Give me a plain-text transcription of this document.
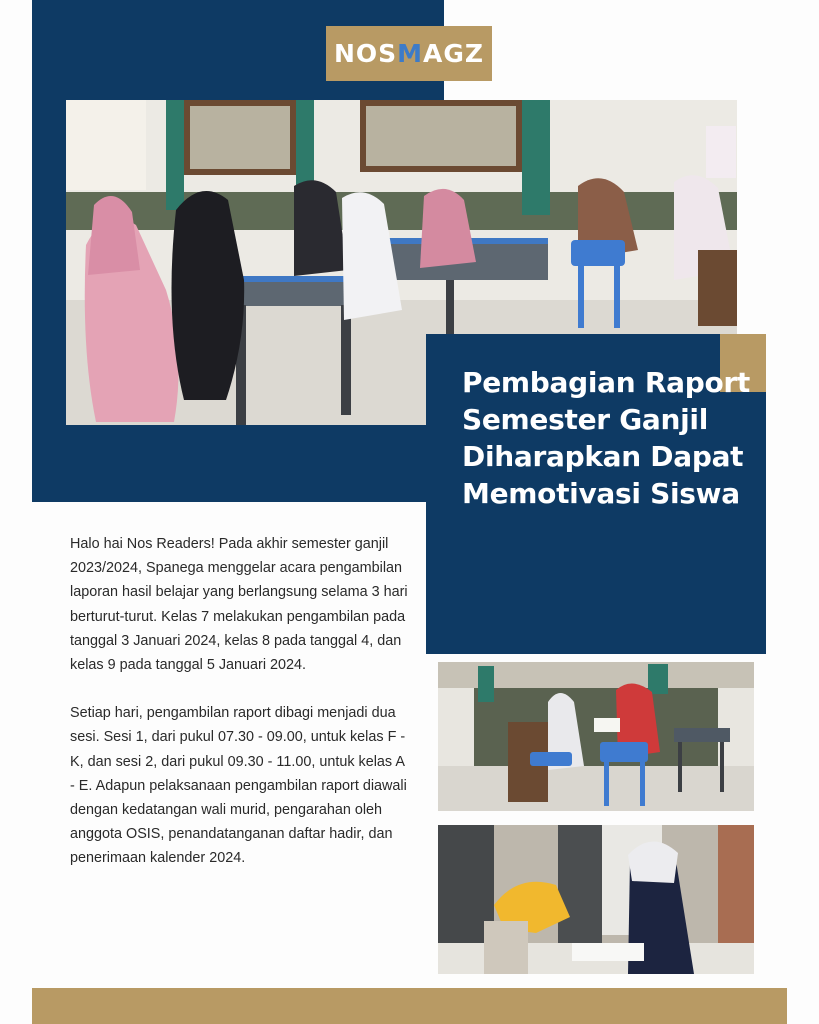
NOS M AGZ
Pembagian Raport Semester Ganjil Diharapkan Dapat Memotivasi Siswa

Halo hai Nos Readers! Pada akhir semester ganjil 2023/2024, Spanega menggelar acara pengambilan laporan hasil belajar yang berlangsung selama 3 hari berturut-turut. Kelas 7 melakukan pengambilan pada tanggal 3 Januari 2024, kelas 8 pada tanggal 4, dan kelas 9 pada tanggal 5 Januari 2024.

Setiap hari, pengambilan raport dibagi menjadi dua sesi. Sesi 1, dari pukul 07.30 - 09.00, untuk kelas F - K, dan sesi 2, dari pukul 09.30 - 11.00, untuk kelas A - E. Adapun pelaksanaan pengambilan raport diawali dengan kedatangan wali murid, pengarahan oleh anggota OSIS, penandatanganan daftar hadir, dan penerimaan kalender 2024.
